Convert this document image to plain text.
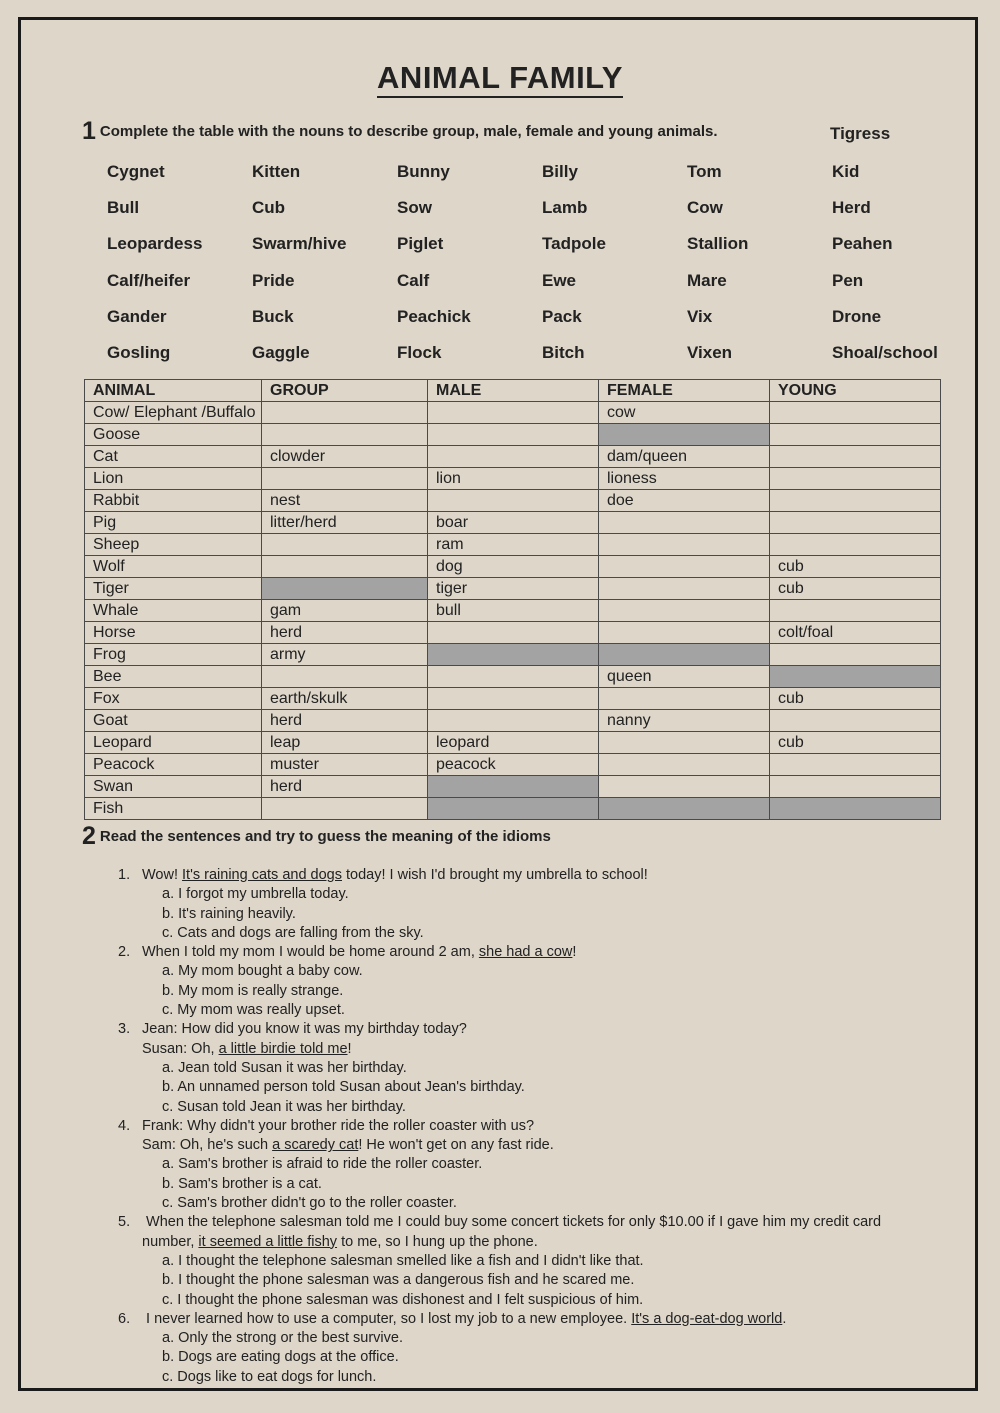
ANIMAL FAMILY
1 Complete the table with the nouns to describe group, male, female and young animals.	Tigress
Cygnet	Kitten	Bunny	Billy	Tom	Kid
Bull	Cub	Sow	Lamb	Cow	Herd
Leopardess	Swarm/hive	Piglet	Tadpole	Stallion	Peahen
Calf/heifer	Pride	Calf	Ewe	Mare	Pen
Gander	Buck	Peachick	Pack	Vix	Drone
Gosling	Gaggle	Flock	Bitch	Vixen	Shoal/school
ANIMAL	GROUP	MALE	FEMALE	YOUNG
Cow/ Elephant /Buffalo			cow	
Goose				
Cat	clowder		dam/queen	
Lion		lion	lioness	
Rabbit	nest		doe	
Pig	litter/herd	boar		
Sheep		ram		
Wolf		dog		cub
Tiger		tiger		cub
Whale	gam	bull		
Horse	herd			colt/foal
Frog	army			
Bee			queen	
Fox	earth/skulk			cub
Goat	herd		nanny	
Leopard	leap	leopard		cub
Peacock	muster	peacock		
Swan	herd			
Fish				
2 Read the sentences and try to guess the meaning of the idioms
1. Wow! It's raining cats and dogs today! I wish I'd brought my umbrella to school!
a. I forgot my umbrella today.
b. It's raining heavily.
c. Cats and dogs are falling from the sky.
2. When I told my mom I would be home around 2 am, she had a cow!
a. My mom bought a baby cow.
b. My mom is really strange.
c. My mom was really upset.
3. Jean: How did you know it was my birthday today?
Susan: Oh, a little birdie told me!
a. Jean told Susan it was her birthday.
b. An unnamed person told Susan about Jean's birthday.
c. Susan told Jean it was her birthday.
4. Frank: Why didn't your brother ride the roller coaster with us?
Sam: Oh, he's such a scaredy cat! He won't get on any fast ride.
a. Sam's brother is afraid to ride the roller coaster.
b. Sam's brother is a cat.
c. Sam's brother didn't go to the roller coaster.
5. When the telephone salesman told me I could buy some concert tickets for only $10.00 if I gave him my credit card number, it seemed a little fishy to me, so I hung up the phone.
a. I thought the telephone salesman smelled like a fish and I didn't like that.
b. I thought the phone salesman was a dangerous fish and he scared me.
c. I thought the phone salesman was dishonest and I felt suspicious of him.
6. I never learned how to use a computer, so I lost my job to a new employee. It's a dog-eat-dog world.
a. Only the strong or the best survive.
b. Dogs are eating dogs at the office.
c. Dogs like to eat dogs for lunch.
